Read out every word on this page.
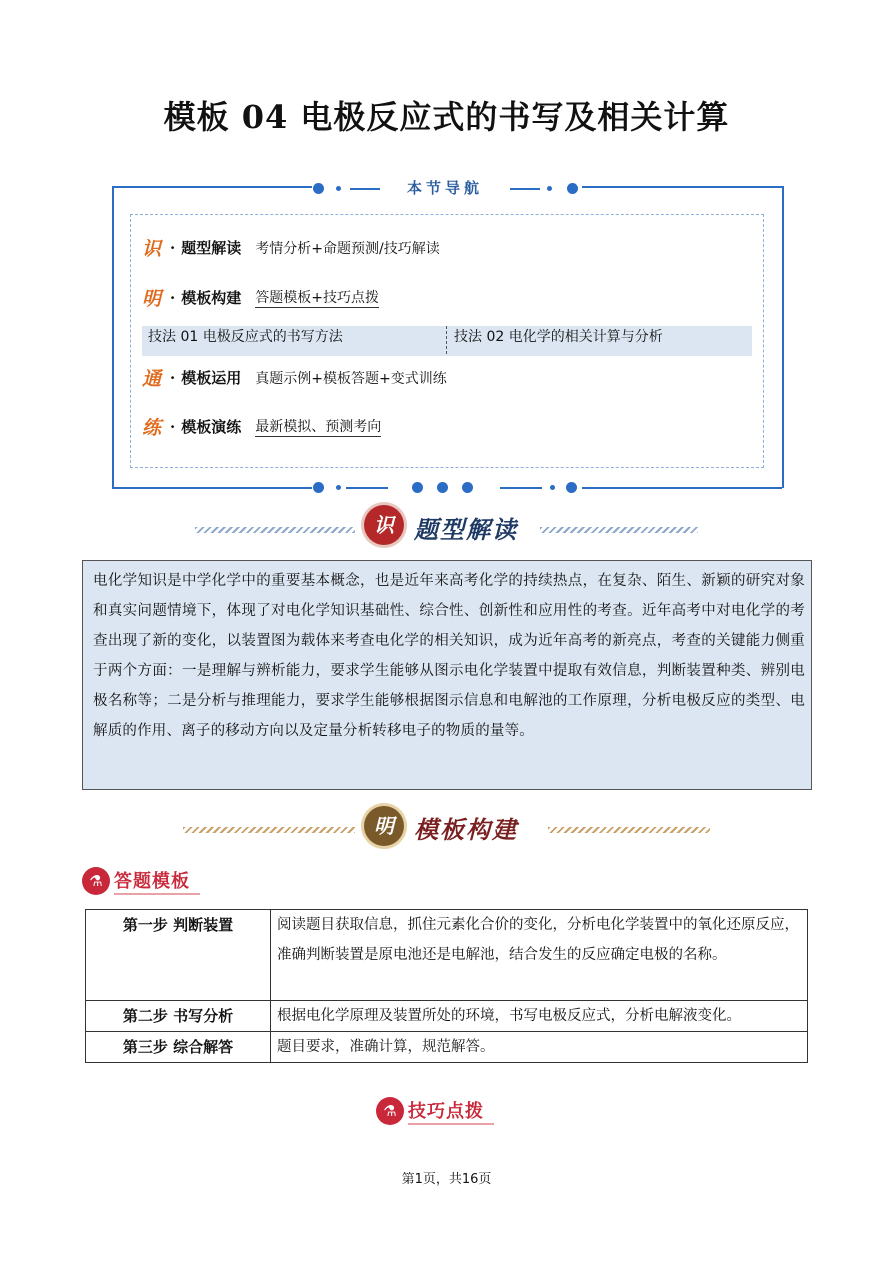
模板 04 电极反应式的书写及相关计算
本节导航
识 · 题型解读 考情分析+命题预测/技巧解读
明 · 模板构建 答题模板+技巧点拨
技法 01 电极反应式的书写方法	技法 02 电化学的相关计算与分析
通 · 模板运用 真题示例+模板答题+变式训练
练 · 模板演练 最新模拟、预测考向
识 题型解读
电化学知识是中学化学中的重要基本概念，也是近年来高考化学的持续热点，在复杂、陌生、新颖的研究对象和真实问题情境下，体现了对电化学知识基础性、综合性、创新性和应用性的考查。近年高考中对电化学的考查出现了新的变化，以装置图为载体来考查电化学的相关知识，成为近年高考的新亮点，考查的关键能力侧重于两个方面：一是理解与辨析能力，要求学生能够从图示电化学装置中提取有效信息，判断装置种类、辨别电极名称等；二是分析与推理能力，要求学生能够根据图示信息和电解池的工作原理，分析电极反应的类型、电解质的作用、离子的移动方向以及定量分析转移电子的物质的量等。
明 模板构建
⚗ 答题模板
第一步 判断装置	阅读题目获取信息，抓住元素化合价的变化，分析电化学装置中的氧化还原反应，准确判断装置是原电池还是电解池，结合发生的反应确定电极的名称。
第二步 书写分析	根据电化学原理及装置所处的环境，书写电极反应式，分析电解液变化。
第三步 综合解答	题目要求，准确计算，规范解答。
⚗ 技巧点拨
第1页，共16页
